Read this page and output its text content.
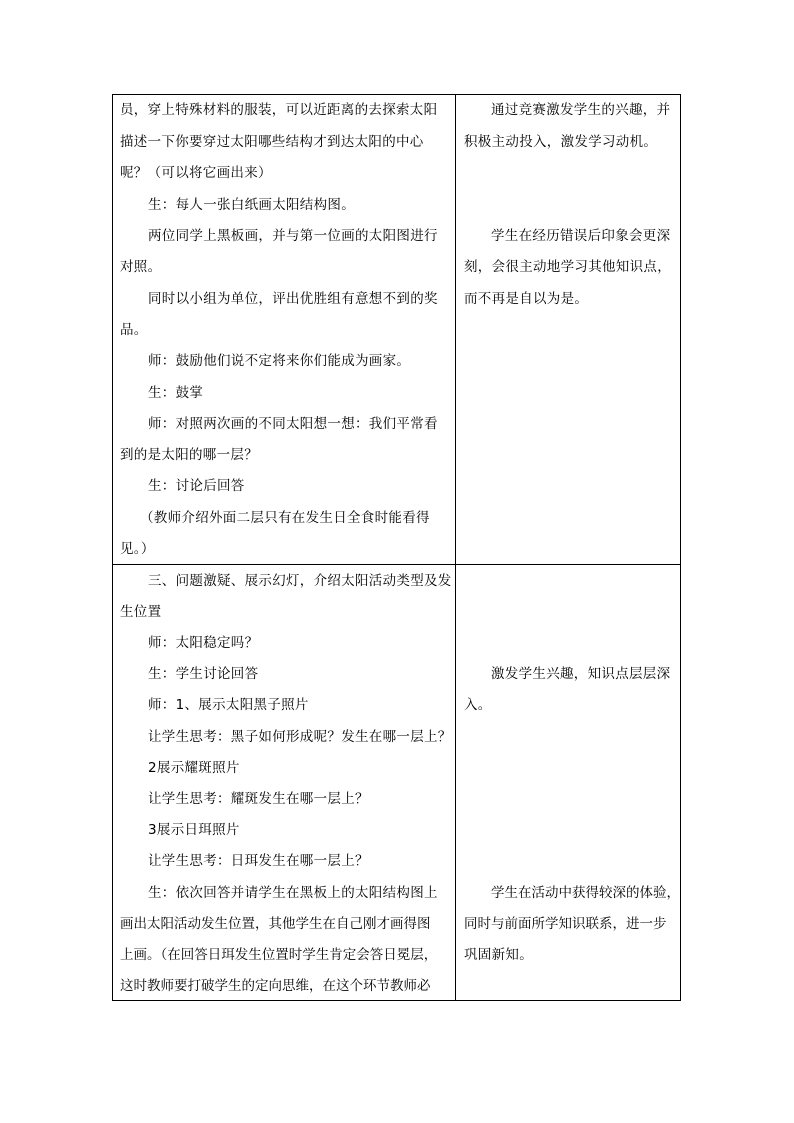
员，穿上特殊材料的服装，可以近距离的去探索太阳
描述一下你要穿过太阳哪些结构才到达太阳的中心
呢？（可以将它画出来）
生：每人一张白纸画太阳结构图。
两位同学上黑板画，并与第一位画的太阳图进行
对照。
同时以小组为单位，评出优胜组有意想不到的奖
品。
师：鼓励他们说不定将来你们能成为画家。
生：鼓掌
师：对照两次画的不同太阳想一想：我们平常看
到的是太阳的哪一层？
生：讨论后回答
（教师介绍外面二层只有在发生日全食时能看得
见。）
三、问题激疑、展示幻灯，介绍太阳活动类型及发
生位置
师：太阳稳定吗？
生：学生讨论回答
师：1、展示太阳黑子照片
让学生思考：黑子如何形成呢？发生在哪一层上？
2展示耀斑照片
让学生思考：耀斑发生在哪一层上？
3展示日珥照片
让学生思考：日珥发生在哪一层上？
生：依次回答并请学生在黑板上的太阳结构图上
画出太阳活动发生位置，其他学生在自己刚才画得图
上画。（在回答日珥发生位置时学生肯定会答日冕层，
这时教师要打破学生的定向思维，在这个环节教师必
通过竞赛激发学生的兴趣，并
积极主动投入，激发学习动机。
学生在经历错误后印象会更深
刻，会很主动地学习其他知识点，
而不再是自以为是。
激发学生兴趣，知识点层层深
入。
学生在活动中获得较深的体验，
同时与前面所学知识联系，进一步
巩固新知。
